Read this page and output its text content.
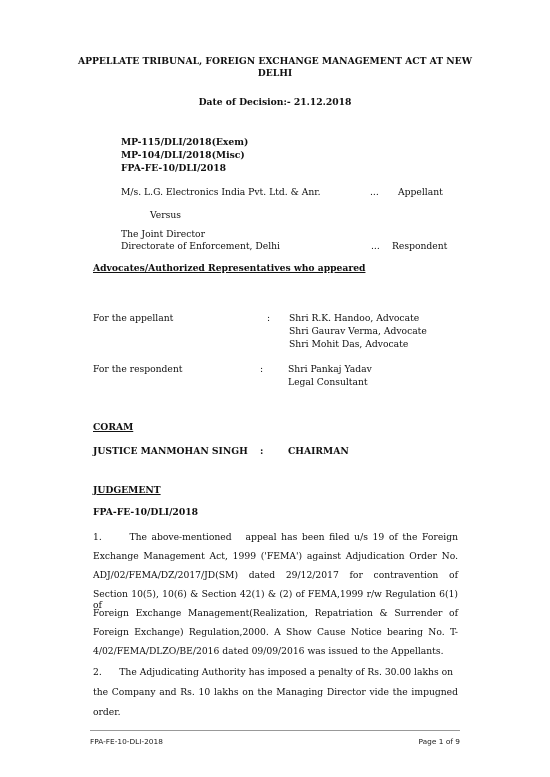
APPELLATE TRIBUNAL, FOREIGN EXCHANGE MANAGEMENT ACT AT NEW
DELHI
Date of Decision:- 21.12.2018
MP-115/DLI/2018(Exem)
MP-104/DLI/2018(Misc)
FPA-FE-10/DLI/2018
M/s. L.G. Electronics India Pvt. Ltd. & Anr.	... Appellant
Versus
The Joint Director
Directorate of Enforcement, Delhi	... Respondent
Advocates/Authorized Representatives who appeared
For the appellant	: Shri R.K. Handoo, Advocate
Shri Gaurav Verma, Advocate
Shri Mohit Das, Advocate
For the respondent	:	Shri Pankaj Yadav
Legal Consultant
CORAM
JUSTICE MANMOHAN SINGH :	CHAIRMAN
JUDGEMENT
FPA-FE-10/DLI/2018
1.      The above-mentioned   appeal has been filed u/s 19 of the Foreign
Exchange Management Act, 1999 ('FEMA') against Adjudication Order No.
ADJ/02/FEMA/DZ/2017/JD(SM) dated 29/12/2017 for contravention of
Section 10(5), 10(6) & Section 42(1) & (2) of FEMA,1999 r/w Regulation 6(1) of
Foreign Exchange Management(Realization, Repatriation & Surrender of
Foreign Exchange) Regulation,2000. A Show Cause Notice bearing No. T-
4/02/FEMA/DLZO/BE/2016 dated 09/09/2016 was issued to the Appellants.
2.      The Adjudicating Authority has imposed a penalty of Rs. 30.00 lakhs on
the Company and Rs. 10 lakhs on the Managing Director vide the impugned
order.
FPA-FE-10-DLI-2018	Page 1 of 9
